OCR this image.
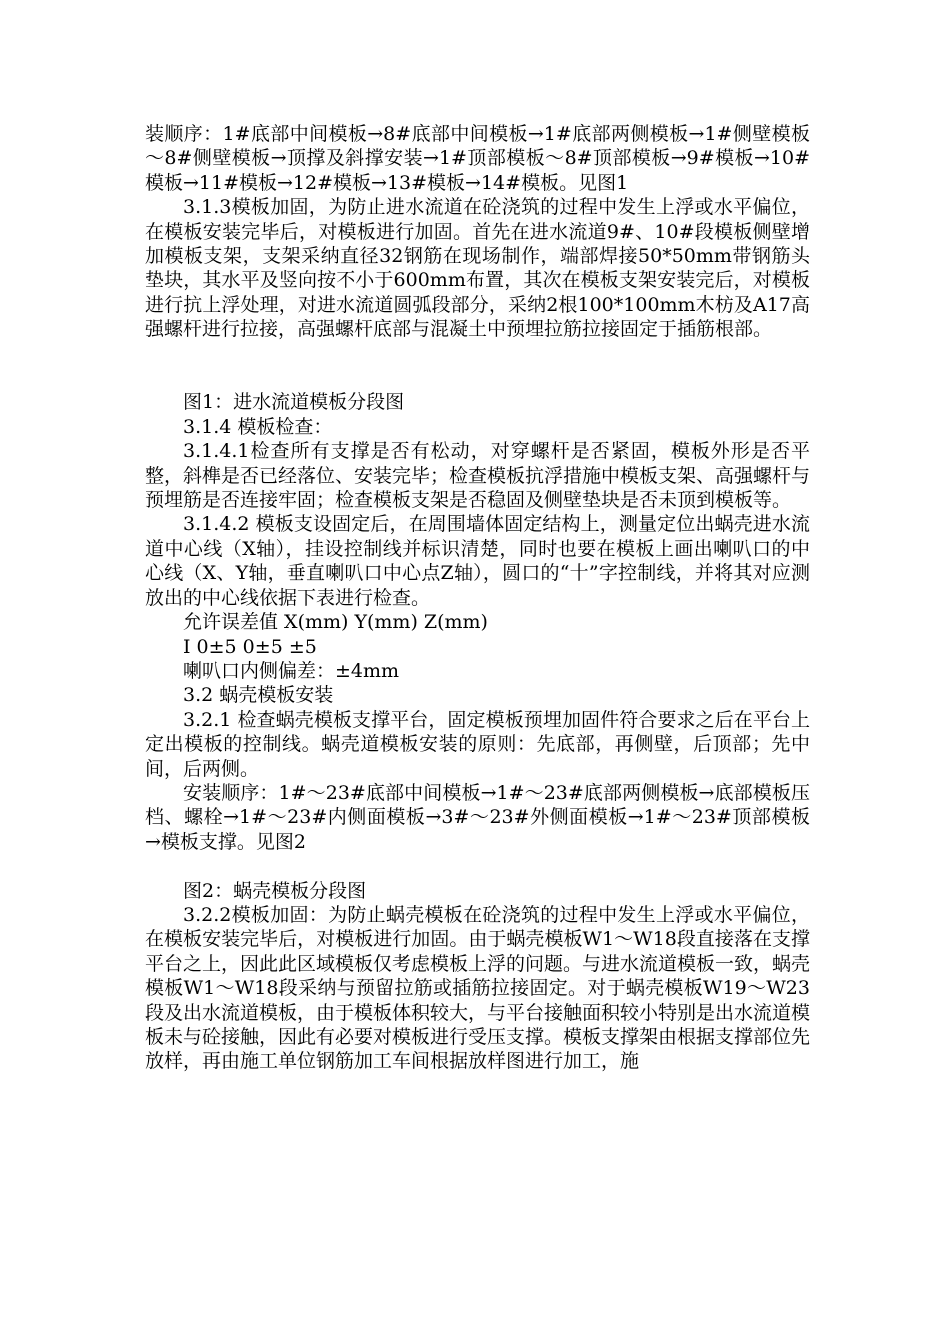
装顺序：1#底部中间模板→8#底部中间模板→1#底部两侧模板→1#侧壁模板～8#侧壁模板→顶撑及斜撑安装→1#顶部模板～8#顶部模板→9#模板→10#模板→11#模板→12#模板→13#模板→14#模板。见图1

3.1.3模板加固，为防止进水流道在砼浇筑的过程中发生上浮或水平偏位，在模板安装完毕后，对模板进行加固。首先在进水流道9#、10#段模板侧壁增加模板支架，支架采纳直径32钢筋在现场制作，端部焊接50*50mm带钢筋头垫块，其水平及竖向按不小于600mm布置，其次在模板支架安装完后，对模板进行抗上浮处理，对进水流道圆弧段部分，采纳2根100*100mm木枋及A17高强螺杆进行拉接，高强螺杆底部与混凝土中预埋拉筋拉接固定于插筋根部。

图1：进水流道模板分段图

3.1.4 模板检查：

3.1.4.1检查所有支撑是否有松动，对穿螺杆是否紧固，模板外形是否平整，斜榫是否已经落位、安装完毕；检查模板抗浮措施中模板支架、高强螺杆与预埋筋是否连接牢固；检查模板支架是否稳固及侧壁垫块是否未顶到模板等。

3.1.4.2 模板支设固定后，在周围墙体固定结构上，测量定位出蜗壳进水流道中心线（X轴），挂设控制线并标识清楚，同时也要在模板上画出喇叭口的中心线（X、Y轴，垂直喇叭口中心点Z轴），圆口的“十”字控制线，并将其对应测放出的中心线依据下表进行检查。

允许误差值 X(mm) Y(mm) Z(mm)

Ⅰ 0±5 0±5 ±5

喇叭口内侧偏差：±4mm

3.2 蜗壳模板安装

3.2.1 检查蜗壳模板支撑平台，固定模板预埋加固件符合要求之后在平台上定出模板的控制线。蜗壳道模板安装的原则：先底部，再侧壁，后顶部；先中间，后两侧。

安装顺序：1#～23#底部中间模板→1#～23#底部两侧模板→底部模板压档、螺栓→1#～23#内侧面模板→3#～23#外侧面模板→1#～23#顶部模板→模板支撑。见图2

图2：蜗壳模板分段图

3.2.2模板加固：为防止蜗壳模板在砼浇筑的过程中发生上浮或水平偏位，在模板安装完毕后，对模板进行加固。由于蜗壳模板W1～W18段直接落在支撑平台之上，因此此区域模板仅考虑模板上浮的问题。与进水流道模板一致，蜗壳模板W1～W18段采纳与预留拉筋或插筋拉接固定。对于蜗壳模板W19～W23段及出水流道模板，由于模板体积较大，与平台接触面积较小特别是出水流道模板未与砼接触，因此有必要对模板进行受压支撑。模板支撑架由根据支撑部位先放样，再由施工单位钢筋加工车间根据放样图进行加工，施
